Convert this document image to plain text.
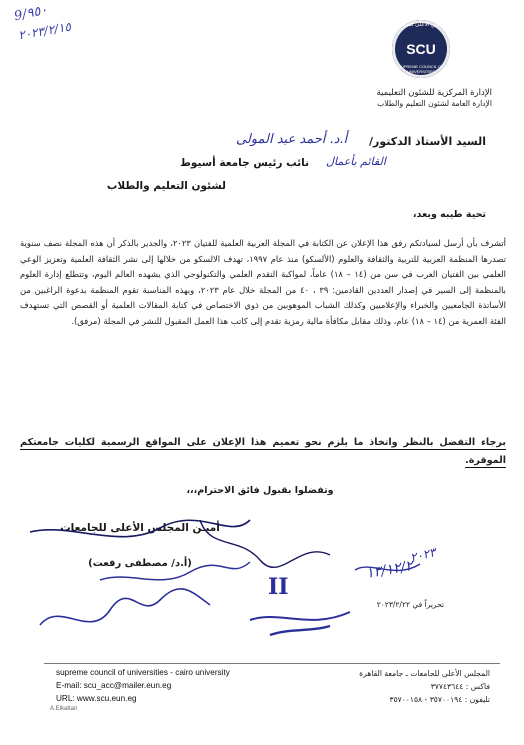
9/٩٥٠
٢٠٢٣/٢/١٥
SCU
المجلس الأعلى للجامعات
SUPREME COUNCIL OF UNIVERSITIES
الإدارة المركزية للشئون التعليمية
الإدارة العامة لشئون التعليم والطلاب
السيد الأستاذ الدكتور/
أ.د. أحمد عبد المولى
القائم بأعمال
نائب رئيس جامعة أسيوط
لشئون التعليم والطلاب
تحية طيبه وبعد،
أتشرف بأن أرسل لسيادتكم رفق هذا الإعلان عن الكتابة في المجلة العربية العلمية للفتيان ٢٠٢٣، والجدير بالذكر أن هذه المجلة نصف سنوية تصدرها المنظمة العربية للتربية والثقافة والعلوم (الألسكو) منذ عام ١٩٩٧، تهدف الالسكو من خلالها إلى نشر الثقافة العلمية وتعزيز الوعي العلمي بين الفتيان العرب في سن من (١٤ – ١٨) عاماً، لمواكبة التقدم العلمي والتكنولوجي الذي يشهده العالم اليوم، وتتطلع إدارة العلوم بالمنظمة إلى السير في إصدار العددين القادمين: ٣٩ ، ٤٠ من المجلة خلال عام ٢٠٢٣، وبهذه المناسبة تقوم المنظمة بدعوة الراغبين من الأساتذة الجامعيين والخبراء والإعلاميين وكذلك الشباب الموهوبين من ذوي الاختصاص في كتابة المقالات العلمية أو القصص التي تستهدف الفئة العمرية من (١٤ – ١٨) عام، وذلك مقابل مكافأة مالية رمزية تقدم إلى كاتب هذا العمل المقبول للنشر في المجلة (مرفق).
برجاء التفضل بالنظر واتخاذ ما يلزم نحو تعميم هذا الإعلان على المواقع الرسمية لكليات جامعتكم الموقرة.
وتفضلوا بقبول فائق الاحترام،،،
أميـن المجلس الأعلى للجامعات
(أ.د/ مصطفى رفعت)	١٣/١٢/٢
٢٠٢٣
II
تحريراً في ٢٠٢٣/٢/٢٢
supreme council of universities - cairo university
E-mail: scu_acc@mailer.eun.eg
URL: www.scu.eun.eg
A.Elkattan
المجلس الأعلى للجامعات ـ جامعة القاهرة
فاكس : ٣٧٧٤٣٦٤٤
تليفون : ٣٥٧٠٠١٩٤ - ٣٥٧٠٠١٥٨
